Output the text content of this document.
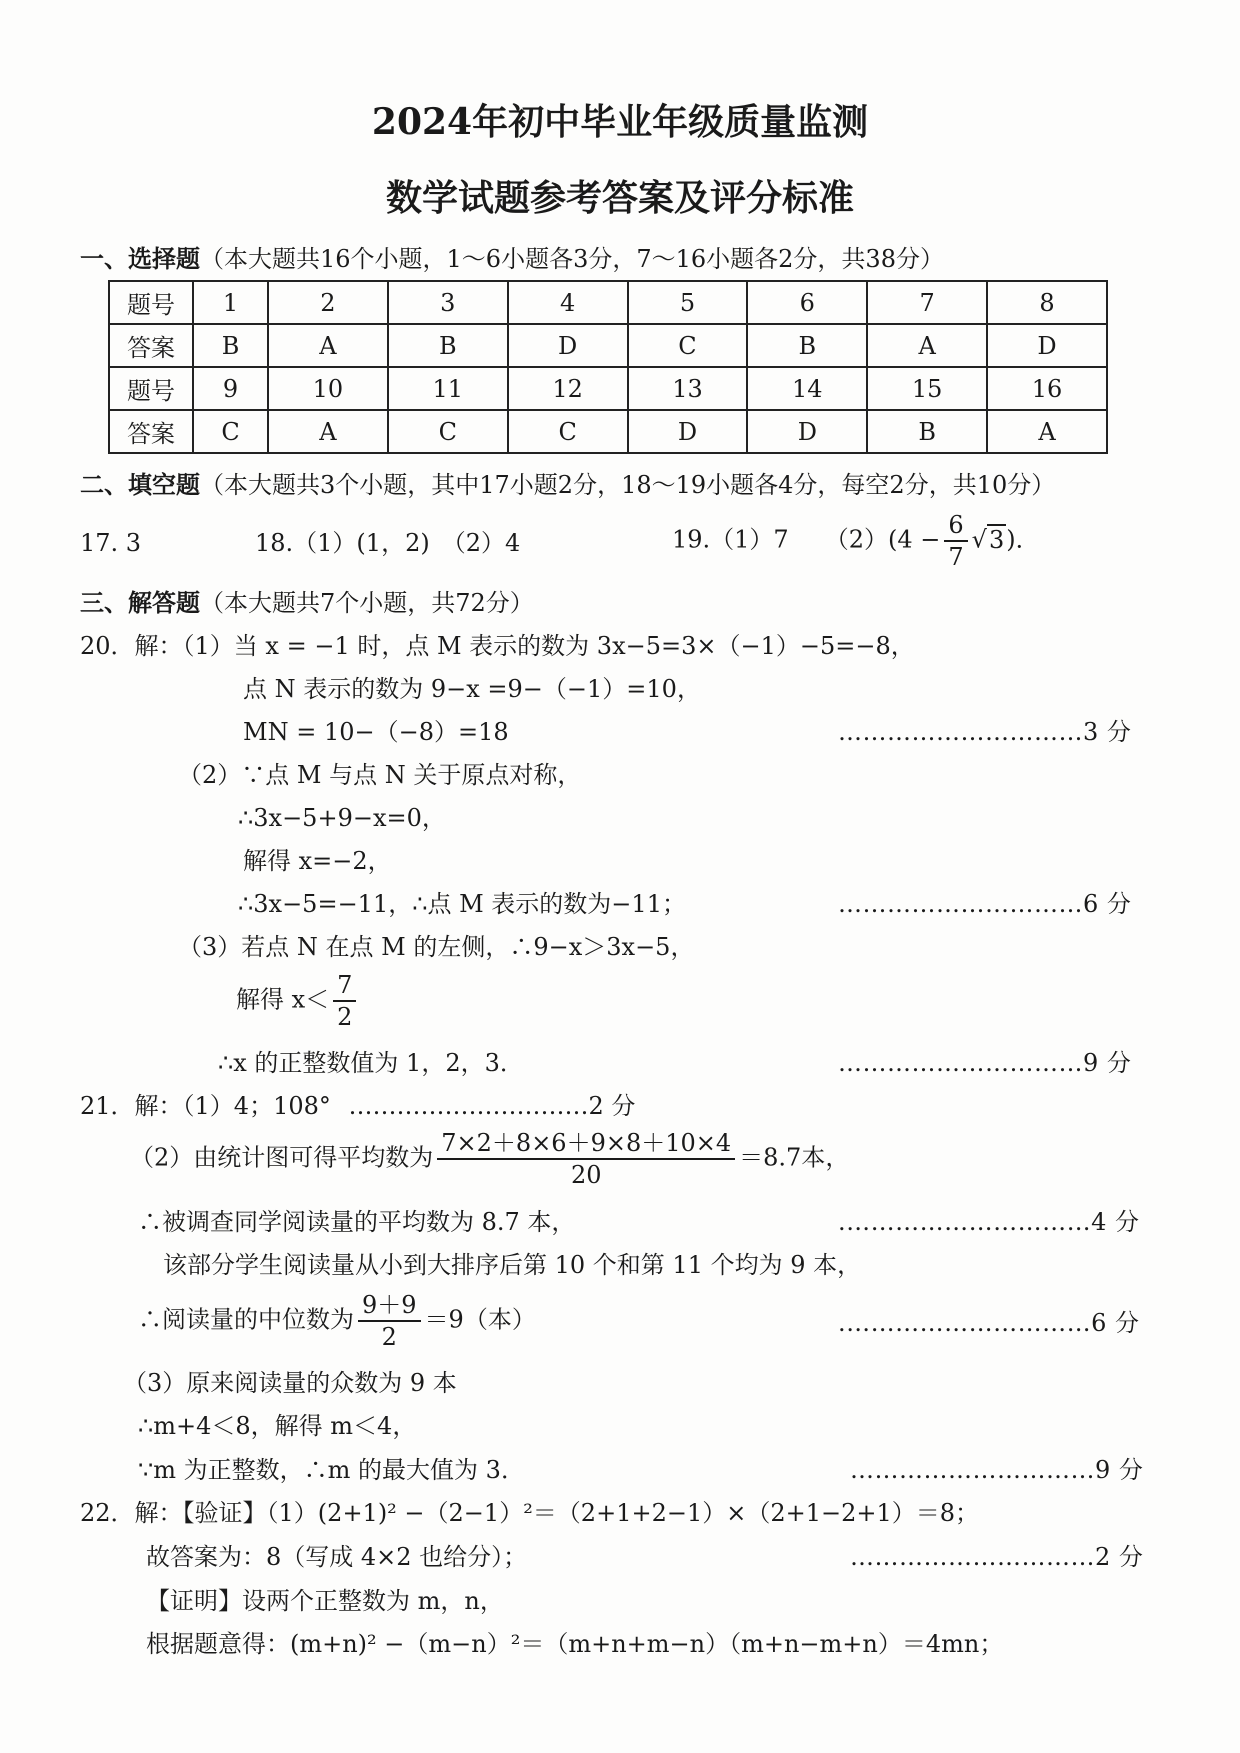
2024年初中毕业年级质量监测
数学试题参考答案及评分标准
一、选择题（本大题共16个小题，1～6小题各3分，7～16小题各2分，共38分）
题号	1	2	3	4	5	6	7	8
答案	B	A	B	D	C	B	A	D
题号	9	10	11	12	13	14	15	16
答案	C	A	C	C	D	D	B	A
二、填空题（本大题共3个小题，其中17小题2分，18～19小题各4分，每空2分，共10分）
17. 3	18.（1）(1，2)　（2）4	19.（1）7　　$(2)(4 - \frac{6}{7} √3)$．
三、解答题（本大题共7个小题，共72分）
20．解：（1）当 x = −1 时，点 M 表示的数为 3x−5=3×（−1）−5=−8，
点 N 表示的数为 9−x =9−（−1）=10，
MN = 10−（−8）=18	…………………………3 分
（2）∵点 M 与点 N 关于原点对称，
∴3x−5+9−x=0，
解得 x=−2，
∴3x−5=−11，∴点 M 表示的数为−11；	…………………………6 分
（3）若点 N 在点 M 的左侧，∴9−x＞3x−5，
解得 $x< \frac{7}{2}$
∴x 的正整数值为 1，2，3．	…………………………9 分
21．解：（1）4；108° …………………………2 分
（2）由统计图可得平均数为 $\frac{7\times 2+8\times 6+9\times 8+10\times 4}{20} =8.7$本，
∴被调查同学阅读量的平均数为 8.7 本，	.…………………………4 分
该部分学生阅读量从小到大排序后第 10 个和第 11 个均为 9 本，
∴阅读量的中位数为 $\frac{9+9}{2} =9$（本）	.…………………………6 分
（3）原来阅读量的众数为 9 本
∴m+4＜8，解得 m＜4，
∵m 为正整数，∴m 的最大值为 3．	…………………………9 分
22．解：【验证】（1）(2+1)² −（2−1）²＝（2+1+2−1）×（2+1−2+1）＝8；
故答案为：8（写成 4×2 也给分）；	…………………………2 分
【证明】设两个正整数为 m，n，
根据题意得：(m+n)² −（m−n）²＝（m+n+m−n）（m+n−m+n）＝4mn；
